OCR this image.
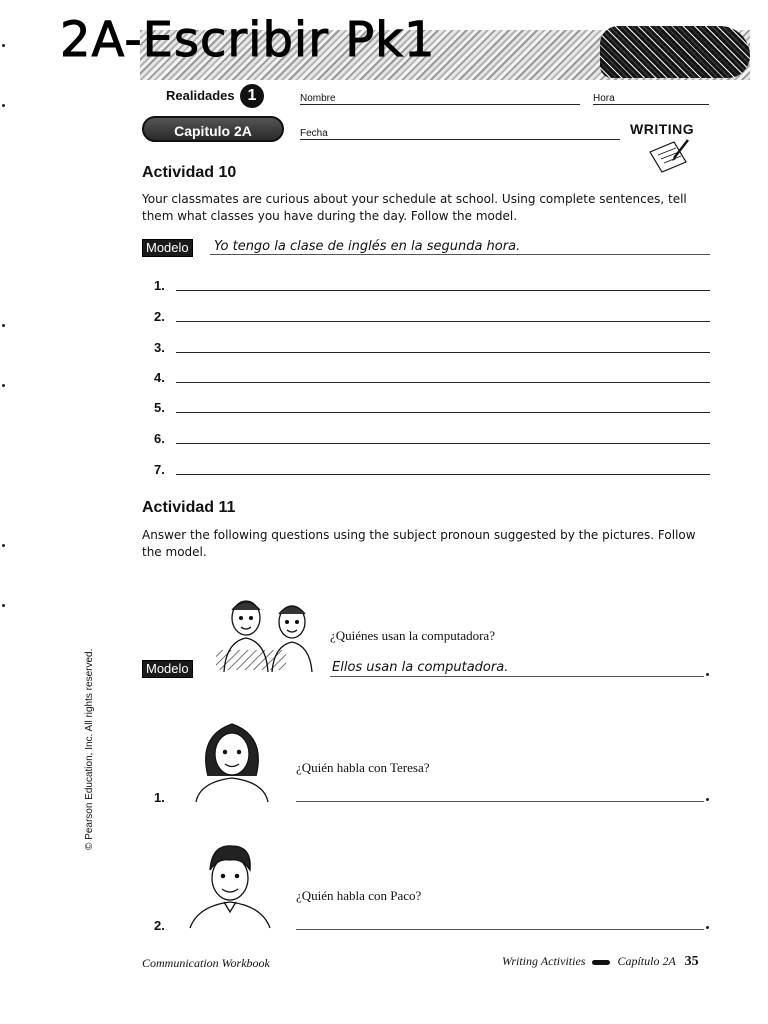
2A-Escribir Pk1
Realidades 1	Nombre	Hora
Capitulo 2A	Fecha	WRITING
Actividad 10
Your classmates are curious about your schedule at school. Using complete sentences, tell them what classes you have during the day. Follow the model.
Modelo	Yo tengo la clase de inglés en la segunda hora.
1.
2.
3.
4.
5.
6.
7.
Actividad 11
Answer the following questions using the subject pronoun suggested by the pictures. Follow the model.
¿Quiénes usan la computadora?
Modelo	Ellos usan la computadora.
¿Quién habla con Teresa?
1.
¿Quién habla con Paco?
2.
© Pearson Education, Inc. All rights reserved.
Communication Workbook	Writing Activities	Capítulo 2A 35
